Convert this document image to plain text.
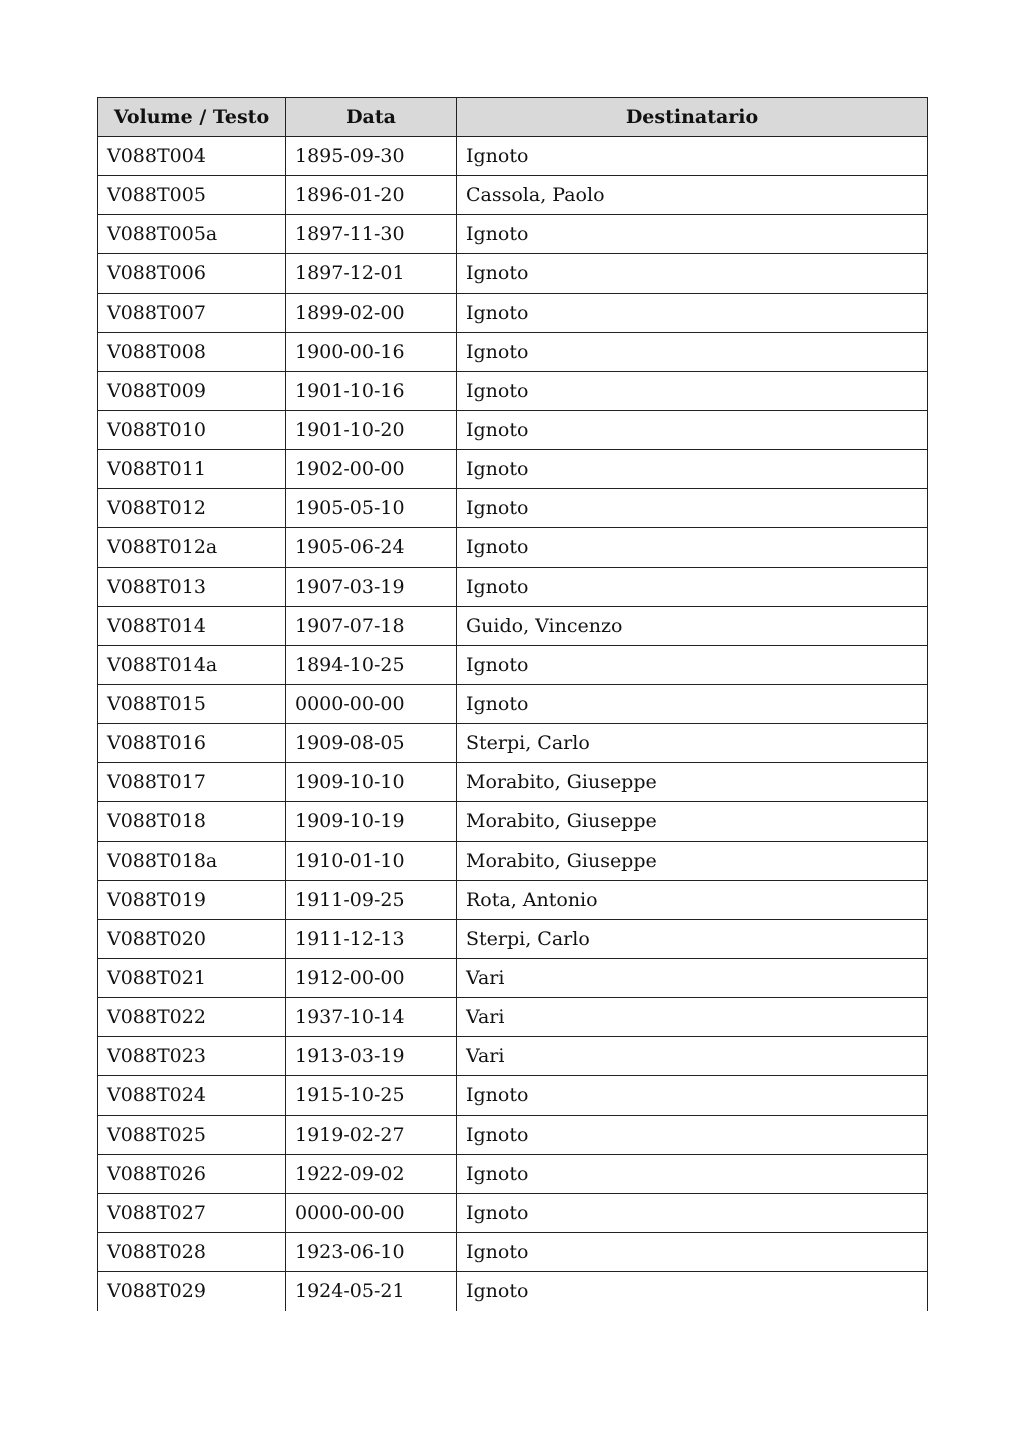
Volume / Testo	Data	Destinatario
V088T004	1895-09-30	Ignoto
V088T005	1896-01-20	Cassola, Paolo
V088T005a	1897-11-30	Ignoto
V088T006	1897-12-01	Ignoto
V088T007	1899-02-00	Ignoto
V088T008	1900-00-16	Ignoto
V088T009	1901-10-16	Ignoto
V088T010	1901-10-20	Ignoto
V088T011	1902-00-00	Ignoto
V088T012	1905-05-10	Ignoto
V088T012a	1905-06-24	Ignoto
V088T013	1907-03-19	Ignoto
V088T014	1907-07-18	Guido, Vincenzo
V088T014a	1894-10-25	Ignoto
V088T015	0000-00-00	Ignoto
V088T016	1909-08-05	Sterpi, Carlo
V088T017	1909-10-10	Morabito, Giuseppe
V088T018	1909-10-19	Morabito, Giuseppe
V088T018a	1910-01-10	Morabito, Giuseppe
V088T019	1911-09-25	Rota, Antonio
V088T020	1911-12-13	Sterpi, Carlo
V088T021	1912-00-00	Vari
V088T022	1937-10-14	Vari
V088T023	1913-03-19	Vari
V088T024	1915-10-25	Ignoto
V088T025	1919-02-27	Ignoto
V088T026	1922-09-02	Ignoto
V088T027	0000-00-00	Ignoto
V088T028	1923-06-10	Ignoto
V088T029	1924-05-21	Ignoto
